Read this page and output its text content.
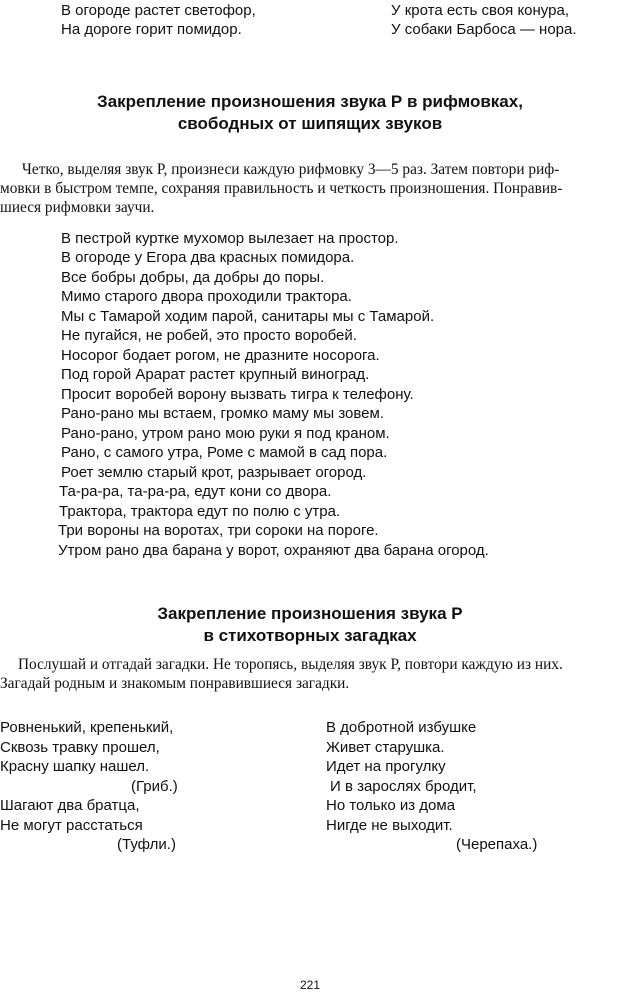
В огороде растет светофор,
На дороге горит помидор.
У крота есть своя конура,
У собаки Барбоса — нора.
Закрепление произношения звука Р в рифмовках,
свободных от шипящих звуков
Четко, выделяя звук Р, произнеси каждую рифмовку 3—5 раз. Затем повтори риф-
мовки в быстром темпе, сохраняя правильность и четкость произношения. Понравив-
шиеся рифмовки заучи.
В пестрой куртке мухомор вылезает на простор.
В огороде у Егора два красных помидора.
Все бобры добры, да добры до поры.
Мимо старого двора проходили трактора.
Мы с Тамарой ходим парой, санитары мы с Тамарой.
Не пугайся, не робей, это просто воробей.
Носорог бодает рогом, не дразните носорога.
Под горой Арарат растет крупный виноград.
Просит воробей ворону вызвать тигра к телефону.
Рано-рано мы встаем, громко маму мы зовем.
Рано-рано, утром рано мою руки я под краном.
Рано, с самого утра, Роме с мамой в сад пора.
Роет землю старый крот, разрывает огород.
Та-ра-ра, та-ра-ра, едут кони со двора.
Трактора, трактора едут по полю с утра.
Три вороны на воротах, три сороки на пороге.
Утром рано два барана у ворот, охраняют два барана огород.
Закрепление произношения звука Р
в стихотворных загадках
Послушай и отгадай загадки. Не торопясь, выделяя звук Р, повтори каждую из них.
Загадай родным и знакомым понравившиеся загадки.
Ровненький, крепенький,
Сквозь травку прошел,
Красну шапку нашел.
(Гриб.)
Шагают два братца,
Не могут расстаться
(Туфли.)
В добротной избушке
Живет старушка.
Идет на прогулку
И в зарослях бродит,
Но только из дома
Нигде не выходит.
(Черепаха.)
221
